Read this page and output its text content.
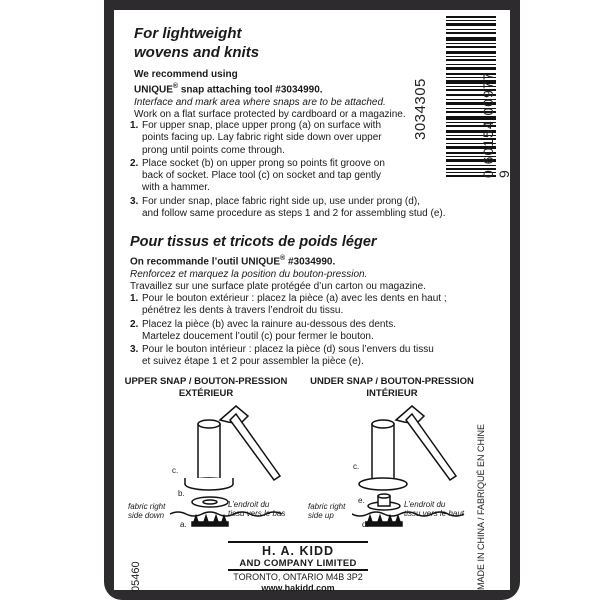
For lightweight
wovens and knits
We recommend using
UNIQUE® snap attaching tool #3034990.
Interface and mark area where snaps are to be attached.
Work on a flat surface protected by cardboard or a magazine.
1. For upper snap, place upper prong (a) on surface with
points facing up. Lay fabric right side down over upper
prong until points come through.
2. Place socket (b) on upper prong so points fit groove on
back of socket. Place tool (c) on socket and tap gently
with a hammer.
3. For under snap, place fabric right side up, use under prong (d),
and follow same procedure as steps 1 and 2 for assembling stud (e).
Pour tissus et tricots de poids léger
On recommande l’outil UNIQUE® #3034990.
Renforcez et marquez la position du bouton-pression.
Travaillez sur une surface plate protégée d’un carton ou magazine.
1. Pour le bouton extérieur : placez la pièce (a) avec les dents en haut ;
pénétrez les dents à travers l’endroit du tissu.
2. Placez la pièce (b) avec la rainure au-dessous des dents.
Martelez doucement l’outil (c) pour fermer le bouton.
3. Pour le bouton intérieur : placez la pièce (d) sous l’envers du tissu
et suivez étape 1 et 2 pour assembler la pièce (e).
3034305	0 60154 00977 9
UPPER SNAP / BOUTON-PRESSION
EXTÉRIEUR
UNDER SNAP / BOUTON-PRESSION
INTÉRIEUR
c.
b.
a.
fabric right
side down
L’endroit du
tissu vers le bas
c.
e.
d.
fabric right
side up
L’endroit du
tissu vers le haut
H. A. KIDD
AND COMPANY LIMITED
TORONTO, ONTARIO M4B 3P2
www.hakidd.com
05460	MADE IN CHINA / FABRIQUÉ EN CHINE
